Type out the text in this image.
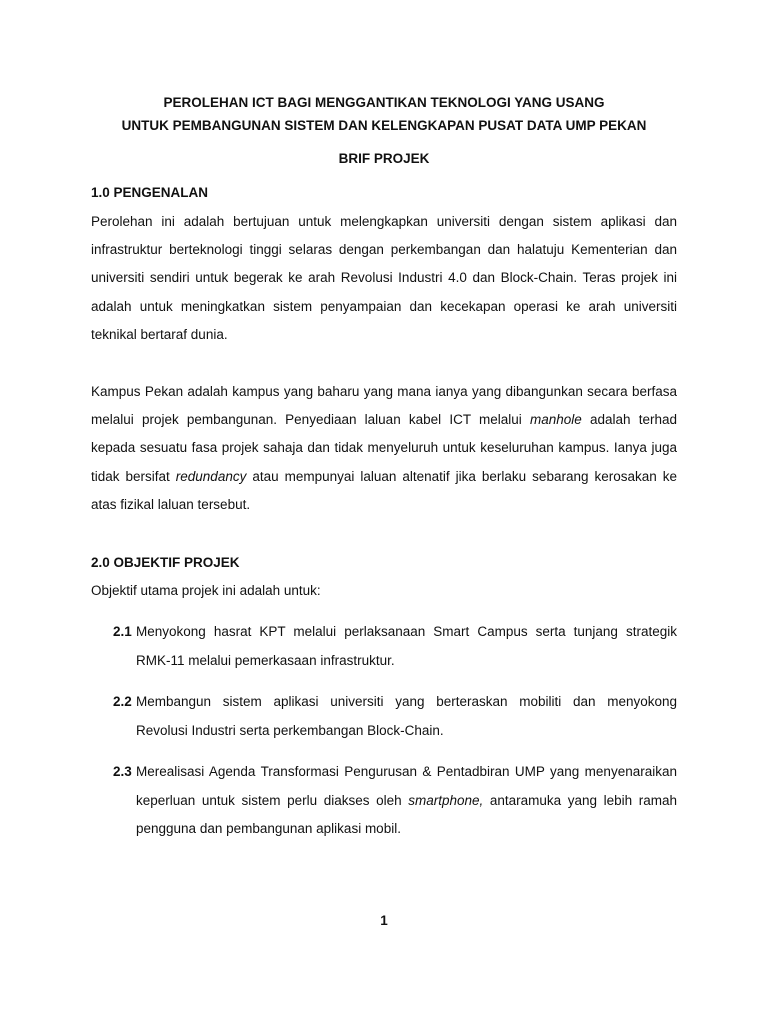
PEROLEHAN ICT BAGI MENGGANTIKAN TEKNOLOGI YANG USANG
UNTUK PEMBANGUNAN SISTEM DAN KELENGKAPAN PUSAT DATA UMP PEKAN
BRIF PROJEK
1.0 PENGENALAN
Perolehan ini adalah bertujuan untuk melengkapkan universiti dengan sistem aplikasi dan
infrastruktur berteknologi tinggi selaras dengan perkembangan dan halatuju Kementerian dan
universiti sendiri untuk begerak ke arah Revolusi Industri 4.0 dan Block-Chain. Teras projek ini
adalah untuk meningkatkan sistem penyampaian dan kecekapan operasi ke arah universiti
teknikal bertaraf dunia.
Kampus Pekan adalah kampus yang baharu yang mana ianya yang dibangunkan secara berfasa
melalui projek pembangunan. Penyediaan laluan kabel ICT melalui manhole adalah terhad
kepada sesuatu fasa projek sahaja dan tidak menyeluruh untuk keseluruhan kampus. Ianya juga
tidak bersifat redundancy atau mempunyai laluan altenatif jika berlaku sebarang kerosakan ke
atas fizikal laluan tersebut.
2.0 OBJEKTIF PROJEK
Objektif utama projek ini adalah untuk:
2.1 Menyokong hasrat KPT melalui perlaksanaan Smart Campus serta tunjang strategik
RMK-11 melalui pemerkasaan infrastruktur.
2.2 Membangun sistem aplikasi universiti yang berteraskan mobiliti dan menyokong
Revolusi Industri serta perkembangan Block-Chain.
2.3 Merealisasi Agenda Transformasi Pengurusan & Pentadbiran UMP yang menyenaraikan
keperluan untuk sistem perlu diakses oleh smartphone, antaramuka yang lebih ramah
pengguna dan pembangunan aplikasi mobil.
1
